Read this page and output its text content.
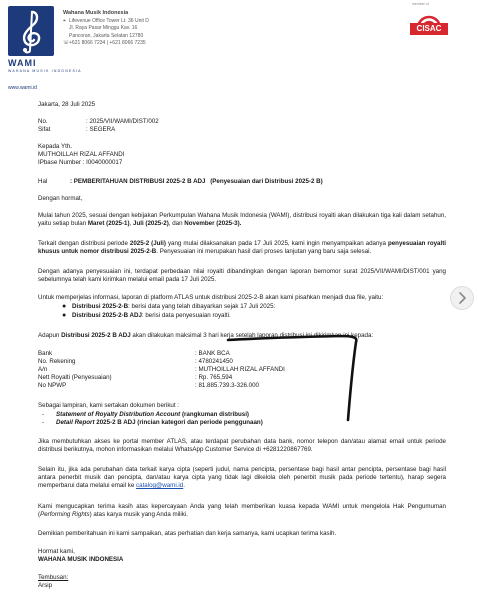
WAMI
WAHANA MUSIK INDONESIA
www.wami.id
Wahana Musik Indonesia
⌖ Lifevenue Office Tower Lt. 36 Unit D
Jl. Raya Pasar Minggu Kav. 16
Pancoran, Jakarta Selatan 12780
☏+621 8066 7234 | +621 8066 7235
member of
CISAC
Jakarta, 28 Juli 2025
No.	: 2025/VII/WAMI/DIST/002
Sifat	: SEGERA
Kepada Yth.
MUTHOILLAH RIZAL AFFANDI
IPbase Number : I0040000017
Hal	: PEMBERITAHUAN DISTRIBUSI 2025-2 B ADJ (Penyesuaian dari Distribusi 2025-2 B)
Dengan hormat,
Mulai tahun 2025, sesuai dengan kebijakan Perkumpulan Wahana Musik Indonesia (WAMI), distribusi royalti akan dilakukan tiga kali dalam setahun, yaitu setiap bulan Maret (2025-1), Juli (2025-2), dan November (2025-3).
Terkait dengan distribusi periode 2025-2 (Juli) yang mulai dilaksanakan pada 17 Juli 2025, kami ingin menyampaikan adanya penyesuaian royalti khusus untuk nomor distribusi 2025-2-B. Penyesuaian ini merupakan hasil dari proses lanjutan yang baru saja selesai.
Dengan adanya penyesuaian ini, terdapat perbedaan nilai royalti dibandingkan dengan laporan bernomor surat 2025/VII/WAMI/DIST/001 yang sebelumnya telah kami kirimkan melalui email pada 17 Juli 2025.
Untuk memperjelas informasi, laporan di platform ATLAS untuk distribusi 2025-2-B akan kami pisahkan menjadi dua file, yaitu:
● Distribusi 2025-2-B: berisi data yang telah dibayarkan sejak 17 Juli 2025:
● Distribusi 2025-2-B ADJ: berisi data penyesuaian royalti.
Adapun Distribusi 2025-2 B ADJ akan dilakukan maksimal 3 hari kerja setelah laporan distribusi ini dikirimkan ini kepada:
Bank	: BANK BCA
No. Rekening	: 4780241450
A/n	: MUTHOILLAH RIZAL AFFANDI
Nett Royalti (Penyesuaian)	: Rp. 765,594
No NPWP	: 81.885.739.3-326.000
Sebagai lampiran, kami sertakan dokumen berikut :
- Statement of Royalty Distribution Account (rangkuman distribusi)
- Detail Report 2025-2 B ADJ (rincian kategori dan periode penggunaan)
Jika membutuhkan akses ke portal member ATLAS, atau terdapat perubahan data bank, nomor telepon dan/atau alamat email untuk periode distribusi berikutnya, mohon informasikan melalui WhatsApp Customer Service di +6281220867769.
Selain itu, jika ada perubahan data terkait karya cipta (seperti judul, nama pencipta, persentase bagi hasil antar pencipta, persentase bagi hasil antara penerbit musik dan pencipta, dan/atau karya cipta yang tidak lagi dikelola oleh penerbit musik pada periode tertentu), harap segera memperbarui data melalui email ke catalog@wami.id.
Kami mengucapkan terima kasih atas kepercayaan Anda yang telah memberikan kuasa kepada WAMI untuk mengelola Hak Pengumuman (Performing Rights) atas karya musik yang Anda miliki.
Demikian pemberitahuan ini kami sampaikan, atas perhatian dan kerja samanya, kami ucapkan terima kasih.
Hormat kami,
WAHANA MUSIK INDONESIA
Tembusan:
Arsip
